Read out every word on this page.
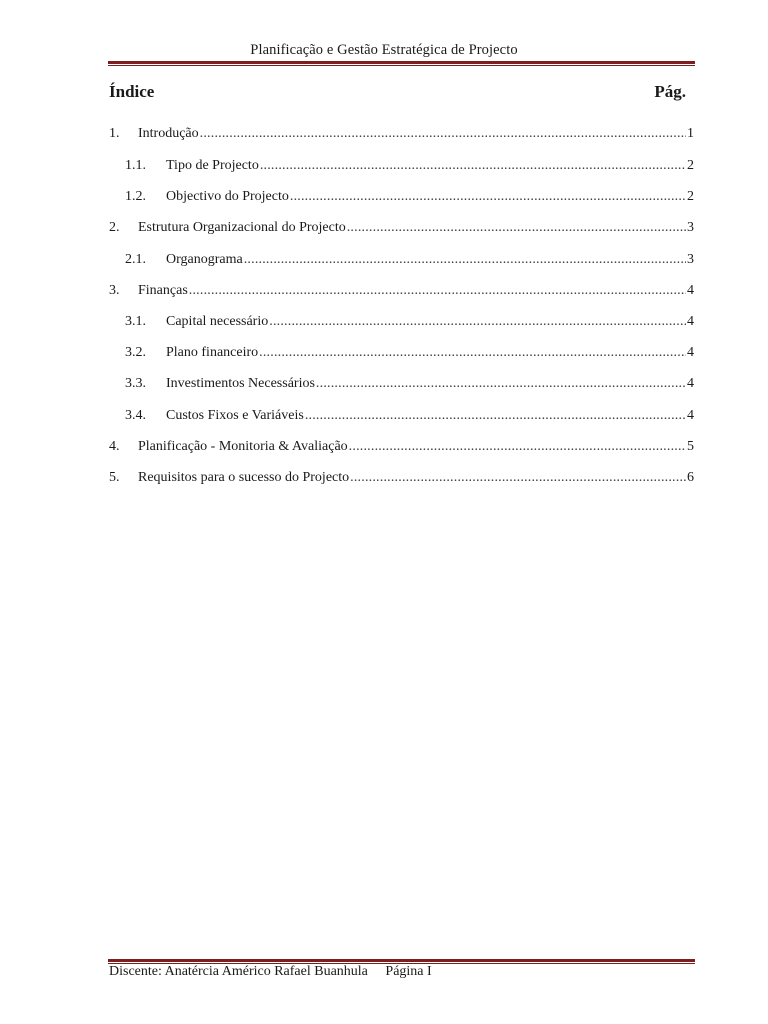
Planificação e Gestão Estratégica de Projecto
Índice	Pág.
1.	Introdução .....	1
1.1.	Tipo de Projecto .....	2
1.2.	Objectivo do Projecto .....	2
2.	Estrutura Organizacional do Projecto .....	3
2.1.	Organograma .....	3
3.	Finanças .....	4
3.1.	Capital necessário .....	4
3.2.	Plano financeiro .....	4
3.3.	Investimentos Necessários .....	4
3.4.	Custos Fixos e Variáveis .....	4
4.	Planificação - Monitoria & Avaliação .....	5
5.	Requisitos para o sucesso do Projecto .....	6
Discente: Anatércia Américo Rafael Buanhula Página I
